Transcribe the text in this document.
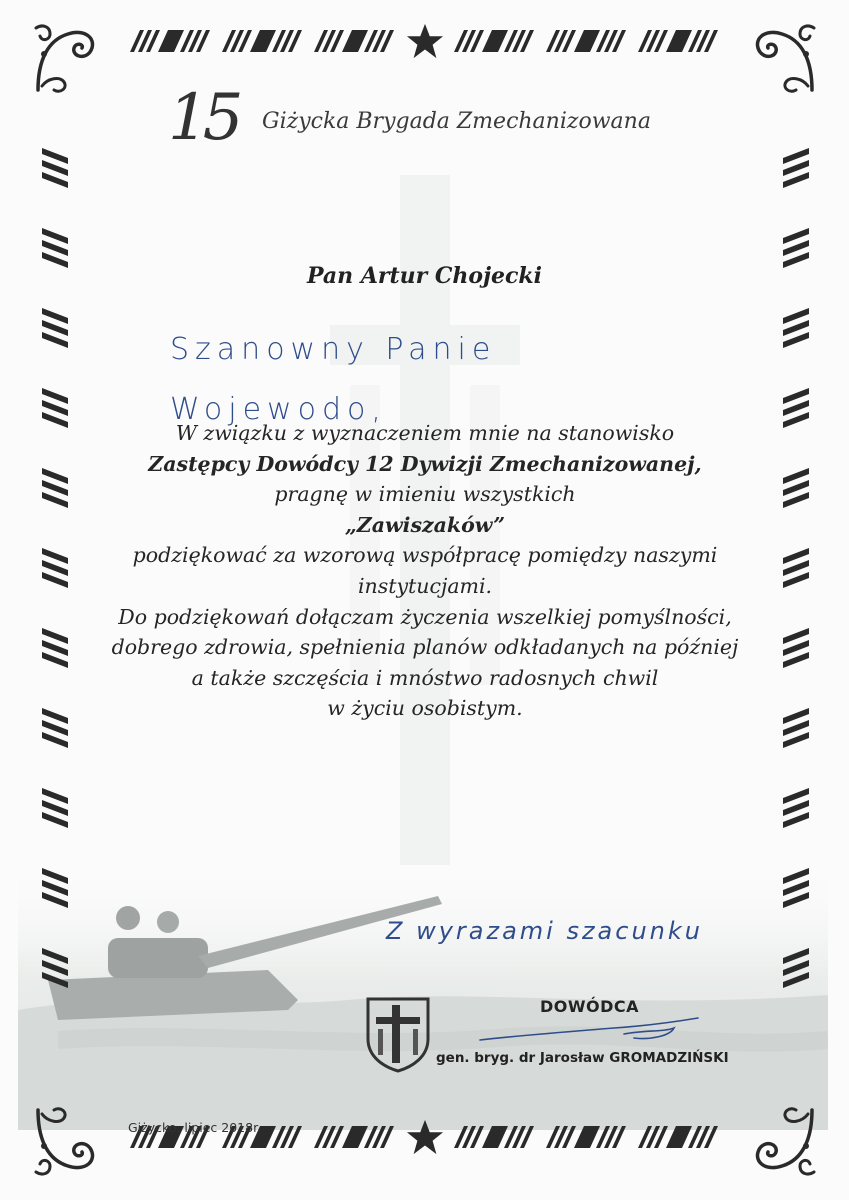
15	Giżycka Brygada Zmechanizowana
Pan Artur Chojecki
Szanowny Panie Wojewodo,
W związku z wyznaczeniem mnie na stanowisko
Zastępcy Dowódcy 12 Dywizji Zmechanizowanej,
pragnę w imieniu wszystkich
„Zawiszaków”
podziękować za wzorową współpracę pomiędzy naszymi
instytucjami.
Do podziękowań dołączam życzenia wszelkiej pomyślności,
dobrego zdrowia, spełnienia planów odkładanych na później
a także szczęścia i mnóstwo radosnych chwil
w życiu osobistym.
Z wyrazami szacunku
DOWÓDCA
gen. bryg. dr Jarosław GROMADZIŃSKI
Giżycko, lipiec 2018r.
